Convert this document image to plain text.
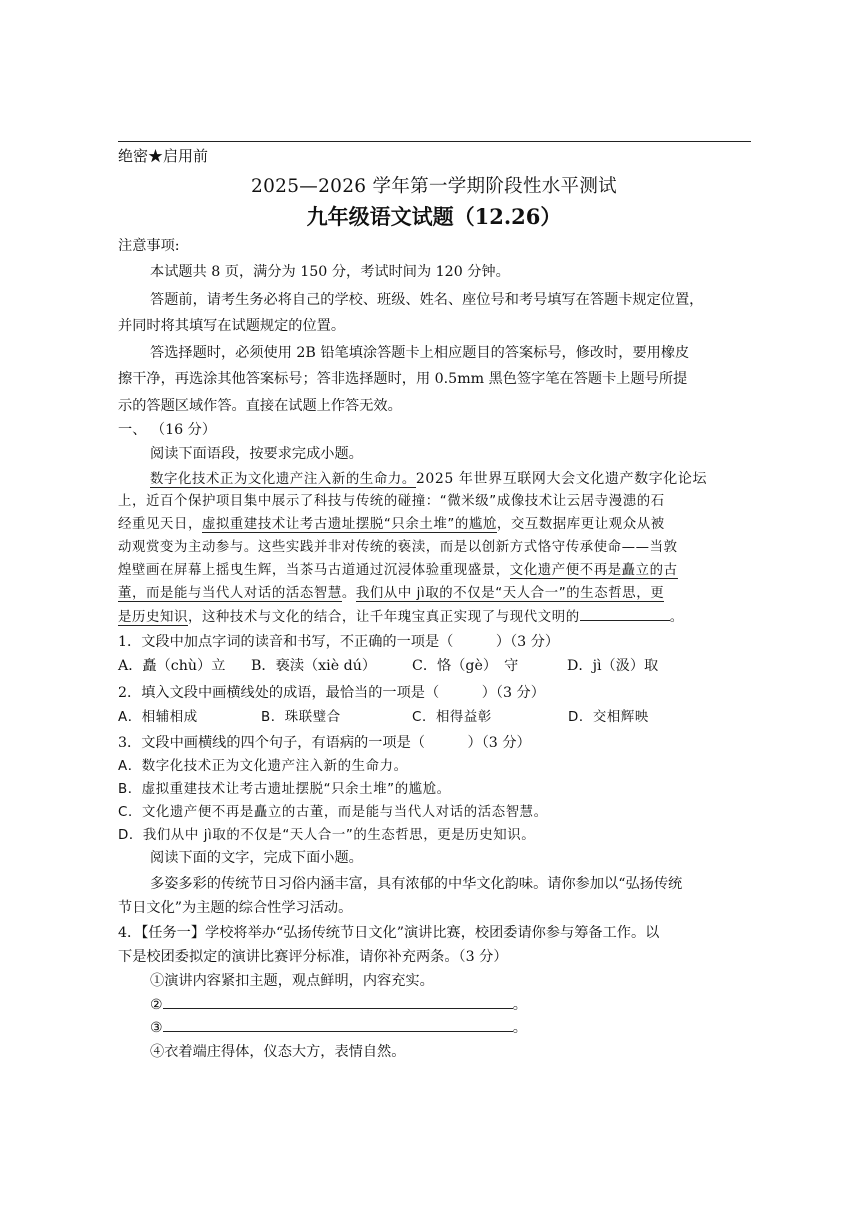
绝密★启用前
2025—2026 学年第一学期阶段性水平测试
九年级语文试题（12.26）
注意事项:
本试题共 8 页，满分为 150 分，考试时间为 120 分钟。
答题前，请考生务必将自己的学校、班级、姓名、座位号和考号填写在答题卡规定位置，
并同时将其填写在试题规定的位置。
答选择题时，必须使用 2B 铅笔填涂答题卡上相应题目的答案标号，修改时，要用橡皮
擦干净，再选涂其他答案标号；答非选择题时，用 0.5mm 黑色签字笔在答题卡上题号所提
示的答题区域作答。直接在试题上作答无效。
一、 （16 分）
阅读下面语段，按要求完成小题。
数字化技术正为文化遗产注入新的生命力。2025 年世界互联网大会文化遗产数字化论坛
上，近百个保护项目集中展示了科技与传统的碰撞：“微米级”成像技术让云居寺漫漶的石
经重见天日，虚拟重建技术让考古遗址摆脱“只余土堆”的尴尬，交互数据库更让观众从被
动观赏变为主动参与。这些实践并非对传统的亵渎，而是以创新方式恪守传承使命——当敦
煌壁画在屏幕上摇曳生辉，当茶马古道通过沉浸体验重现盛景，文化遗产便不再是矗立的古
董，而是能与当代人对话的活态智慧。我们从中 jì取的不仅是“天人合一”的生态哲思，更
是历史知识，这种技术与文化的结合，让千年瑰宝真正实现了与现代文明的	。
1．文段中加点字词的读音和书写，不正确的一项是（　　　）（3 分）
A．矗（chù）立 B．亵渎（xiè dú）	C．恪（gè）　守	D．jì（汲）取
2．填入文段中画横线处的成语，最恰当的一项是（　　　）（3 分）
A．相辅相成	B．珠联璧合	C．相得益彰	D．交相辉映
3．文段中画横线的四个句子，有语病的一项是（　　　）（3 分）
A．数字化技术正为文化遗产注入新的生命力。
B．虚拟重建技术让考古遗址摆脱“只余土堆”的尴尬。
C．文化遗产便不再是矗立的古董，而是能与当代人对话的活态智慧。
D．我们从中 jì取的不仅是“天人合一”的生态哲思，更是历史知识。
阅读下面的文字，完成下面小题。
多姿多彩的传统节日习俗内涵丰富，具有浓郁的中华文化韵味。请你参加以“弘扬传统
节日文化”为主题的综合性学习活动。
4．【任务一】学校将举办“弘扬传统节日文化”演讲比赛，校团委请你参与筹备工作。以
下是校团委拟定的演讲比赛评分标准，请你补充两条。（3 分）
①演讲内容紧扣主题，观点鲜明，内容充实。
②	。
③	。
④衣着端庄得体，仪态大方，表情自然。
